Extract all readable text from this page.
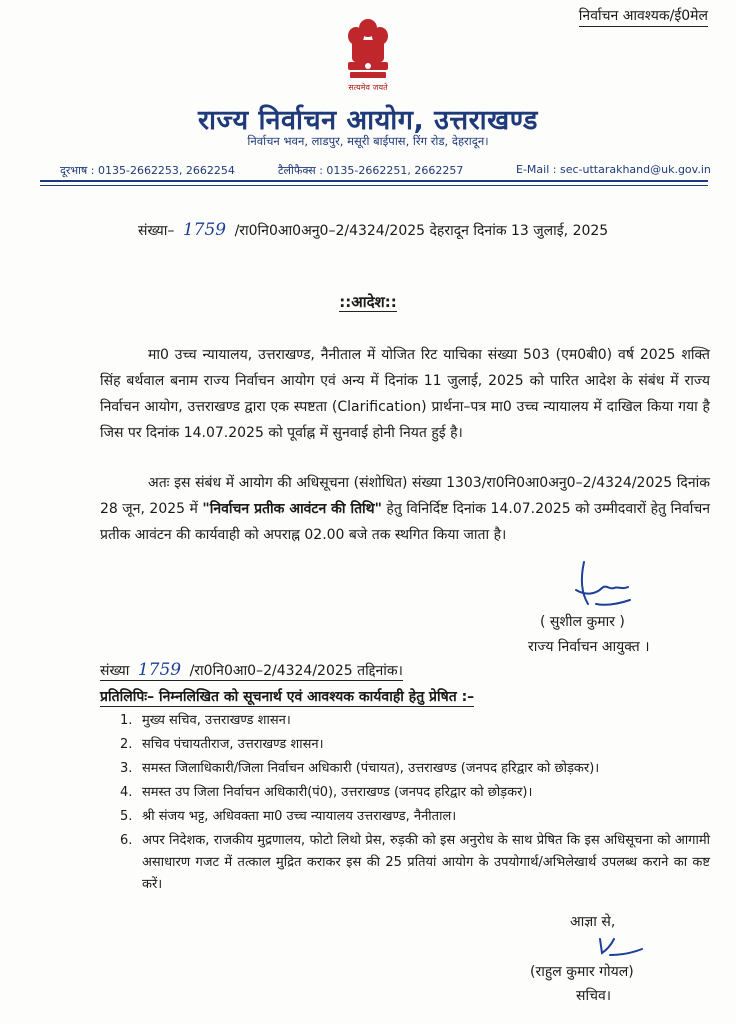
निर्वाचन आवश्यक/ई0मेल
सत्यमेव जयते
राज्य निर्वाचन आयोग, उत्तराखण्ड
निर्वाचन भवन, लाडपुर, मसूरी बाईपास, रिंग रोड, देहरादून।
दूरभाष : 0135-2662253, 2662254	टैलीफैक्स : 0135-2662251, 2662257	E-Mail : sec-uttarakhand@uk.gov.in
संख्या– 1759 /रा0नि0आ0अनु0–2/4324/2025 देहरादून दिनांक 13 जुलाई, 2025
::आदेश::
मा0 उच्च न्यायालय, उत्तराखण्ड, नैनीताल में योजित रिट याचिका संख्या 503 (एम0बी0) वर्ष 2025 शक्ति सिंह बर्थवाल बनाम राज्य निर्वाचन आयोग एवं अन्य में दिनांक 11 जुलाई, 2025 को पारित आदेश के संबंध में राज्य निर्वाचन आयोग, उत्तराखण्ड द्वारा एक स्पष्टता (Clarification) प्रार्थना–पत्र मा0 उच्च न्यायालय में दाखिल किया गया है जिस पर दिनांक 14.07.2025 को पूर्वाह्न में सुनवाई होनी नियत हुई है।
अतः इस संबंध में आयोग की अधिसूचना (संशोधित) संख्या 1303/रा0नि0आ0अनु0–2/4324/2025 दिनांक 28 जून, 2025 में "निर्वाचन प्रतीक आवंटन की तिथि" हेतु विनिर्दिष्ट दिनांक 14.07.2025 को उम्मीदवारों हेतु निर्वाचन प्रतीक आवंटन की कार्यवाही को अपराह्न 02.00 बजे तक स्थगित किया जाता है।
( सुशील कुमार )
राज्य निर्वाचन आयुक्त ।
संख्या 1759 /रा0नि0आ0–2/4324/2025 तद्दिनांक।
प्रतिलिपिः– निम्नलिखित को सूचनार्थ एवं आवश्यक कार्यवाही हेतु प्रेषित :–
1. मुख्य सचिव, उत्तराखण्ड शासन।
2. सचिव पंचायतीराज, उत्तराखण्ड शासन।
3. समस्त जिलाधिकारी/जिला निर्वाचन अधिकारी (पंचायत), उत्तराखण्ड (जनपद हरिद्वार को छोड़कर)।
4. समस्त उप जिला निर्वाचन अधिकारी(पं0), उत्तराखण्ड (जनपद हरिद्वार को छोड़कर)।
5. श्री संजय भट्ट, अधिवक्ता मा0 उच्च न्यायालय उत्तराखण्ड, नैनीताल।
6. अपर निदेशक, राजकीय मुद्रणालय, फोटो लिथो प्रेस, रुड़की को इस अनुरोध के साथ प्रेषित कि इस अधिसूचना को आगामी असाधारण गजट में तत्काल मुद्रित कराकर इस की 25 प्रतियां आयोग के उपयोगार्थ/अभिलेखार्थ उपलब्ध कराने का कष्ट करें।
आज्ञा से,
(राहुल कुमार गोयल)
सचिव।
